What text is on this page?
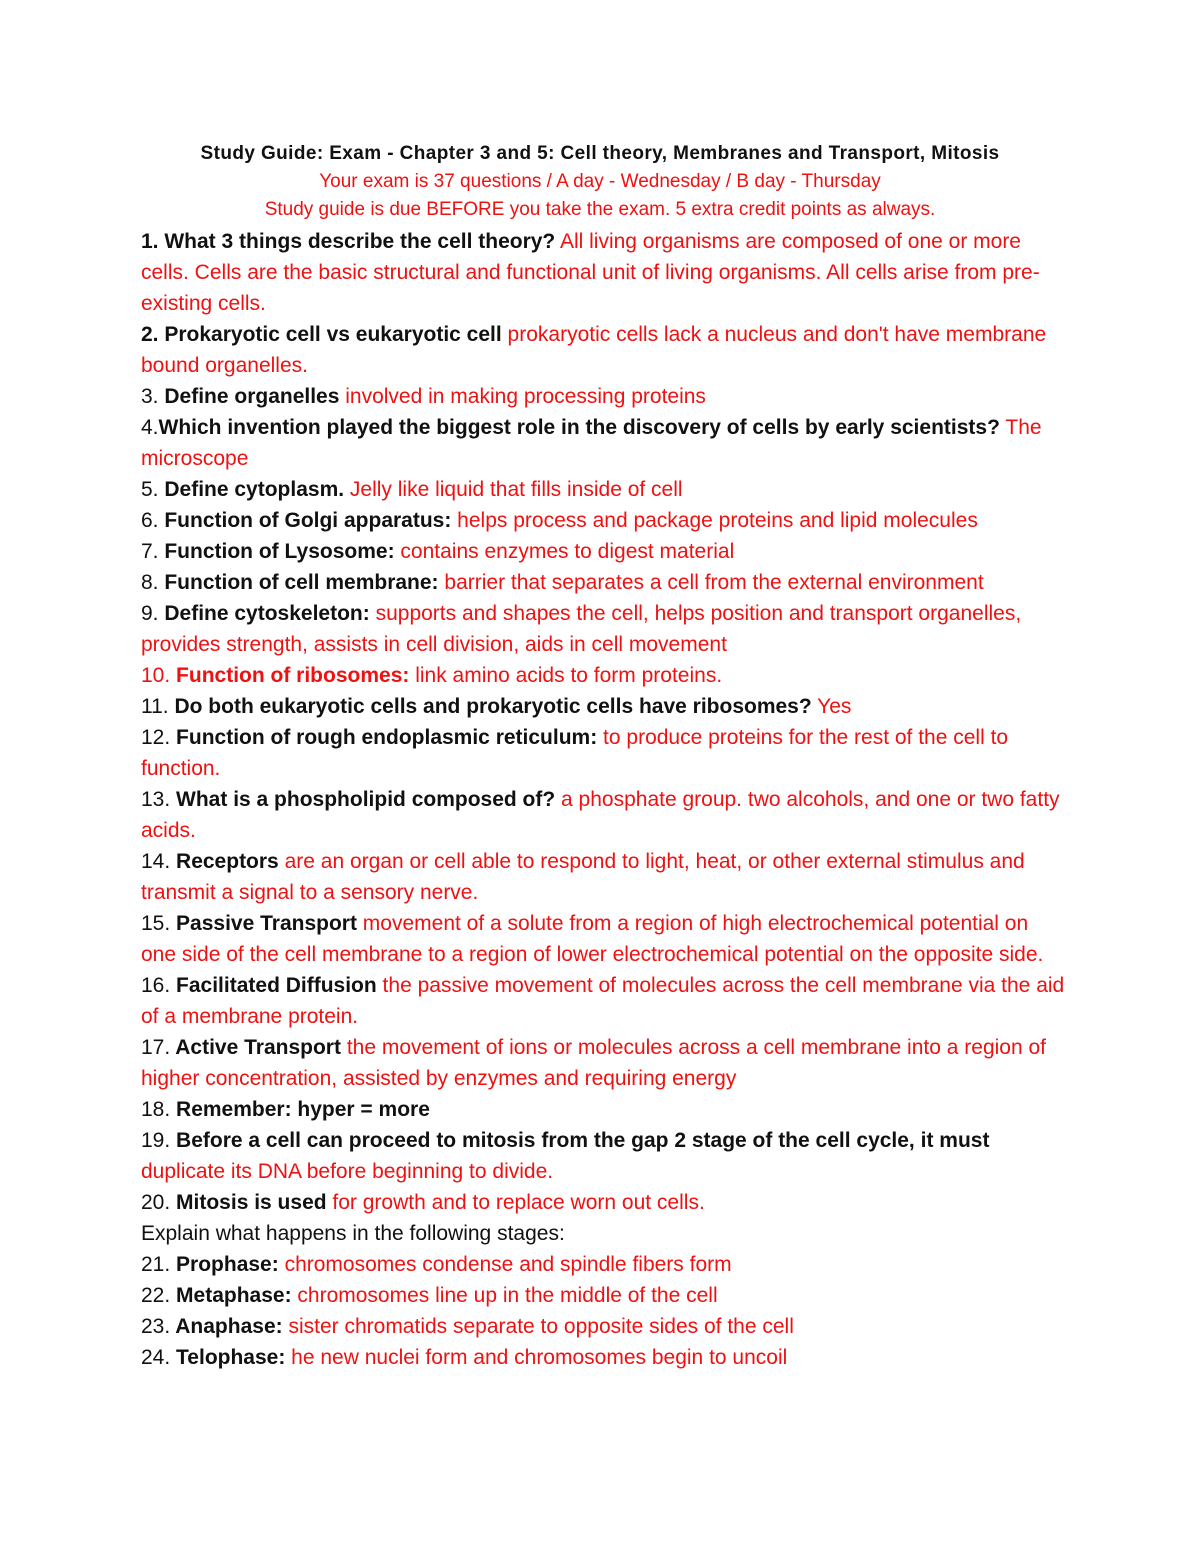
Study Guide: Exam - Chapter 3 and 5: Cell theory, Membranes and Transport, Mitosis
Your exam is 37 questions / A day - Wednesday / B day - Thursday
Study guide is due BEFORE you take the exam. 5 extra credit points as always.

1. What 3 things describe the cell theory? All living organisms are composed of one or more cells. Cells are the basic structural and functional unit of living organisms. All cells arise from pre-existing cells.

2. Prokaryotic cell vs eukaryotic cell prokaryotic cells lack a nucleus and don't have membrane bound organelles.

3. Define organelles involved in making processing proteins

4.Which invention played the biggest role in the discovery of cells by early scientists? The microscope

5. Define cytoplasm. Jelly like liquid that fills inside of cell

6. Function of Golgi apparatus: helps process and package proteins and lipid molecules

7. Function of Lysosome: contains enzymes to digest material

8. Function of cell membrane: barrier that separates a cell from the external environment

9. Define cytoskeleton: supports and shapes the cell, helps position and transport organelles, provides strength, assists in cell division, aids in cell movement

10. Function of ribosomes: link amino acids to form proteins.

11. Do both eukaryotic cells and prokaryotic cells have ribosomes? Yes

12. Function of rough endoplasmic reticulum: to produce proteins for the rest of the cell to function.

13. What is a phospholipid composed of? a phosphate group. two alcohols, and one or two fatty acids.

14. Receptors are an organ or cell able to respond to light, heat, or other external stimulus and transmit a signal to a sensory nerve.

15. Passive Transport movement of a solute from a region of high electrochemical potential on one side of the cell membrane to a region of lower electrochemical potential on the opposite side.

16. Facilitated Diffusion the passive movement of molecules across the cell membrane via the aid of a membrane protein.

17. Active Transport the movement of ions or molecules across a cell membrane into a region of higher concentration, assisted by enzymes and requiring energy

18. Remember: hyper = more

19. Before a cell can proceed to mitosis from the gap 2 stage of the cell cycle, it must duplicate its DNA before beginning to divide.

20. Mitosis is used for growth and to replace worn out cells.

Explain what happens in the following stages:

21. Prophase: chromosomes condense and spindle fibers form

22. Metaphase: chromosomes line up in the middle of the cell

23. Anaphase: sister chromatids separate to opposite sides of the cell

24. Telophase: he new nuclei form and chromosomes begin to uncoil
